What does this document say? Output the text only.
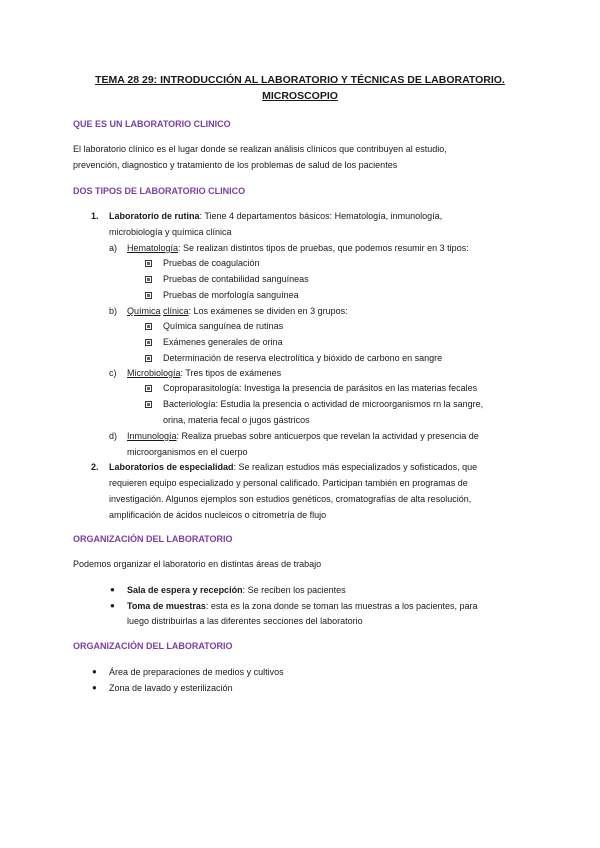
TEMA 28 29: INTRODUCCIÓN AL LABORATORIO Y TÉCNICAS DE LABORATORIO.
MICROSCOPIO
QUE ES UN LABORATORIO CLINICO
El laboratorio clínico es el lugar donde se realizan análisis clínicos que contribuyen al estudio,
prevención, diagnostico y tratamiento de los problemas de salud de los pacientes
DOS TIPOS DE LABORATORIO CLINICO
1. Laboratorio de rutina: Tiene 4 departamentos básicos: Hematología, inmunología,
microbiología y química clínica
a) Hematología: Se realizan distintos tipos de pruebas, que podemos resumir en 3 tipos:
Pruebas de coagulación
Pruebas de contabilidad sanguíneas
Pruebas de morfología sanguínea
b) Química clínica: Los exámenes se dividen en 3 grupos:
Química sanguínea de rutinas
Exámenes generales de orina
Determinación de reserva electrolítica y bióxido de carbono en sangre
c) Microbiología: Tres tipos de exámenes
Coproparasitología: Investiga la presencia de parásitos en las materias fecales
Bacteriología: Estudia la presencia o actividad de microorganismos rn la sangre,
orina, materia fecal o jugos gástricos
d) Inmunología: Realiza pruebas sobre anticuerpos que revelan la actividad y presencia de
microorganismos en el cuerpo
2. Laboratorios de especialidad: Se realizan estudios más especializados y sofisticados, que
requieren equipo especializado y personal calificado. Participan también en programas de
investigación. Algunos ejemplos son estudios genéticos, cromatografías de alta resolución,
amplificación de ácidos nucleicos o citrometría de flujo
ORGANIZACIÓN DEL LABORATORIO
Podemos organizar el laboratorio en distintas áreas de trabajo
● Sala de espera y recepción: Se reciben los pacientes
● Toma de muestras: esta es la zona donde se toman las muestras a los pacientes, para
luego distribuirlas a las diferentes secciones del laboratorio
ORGANIZACIÓN DEL LABORATORIO
● Área de preparaciones de medios y cultivos
● Zona de lavado y esterilización
